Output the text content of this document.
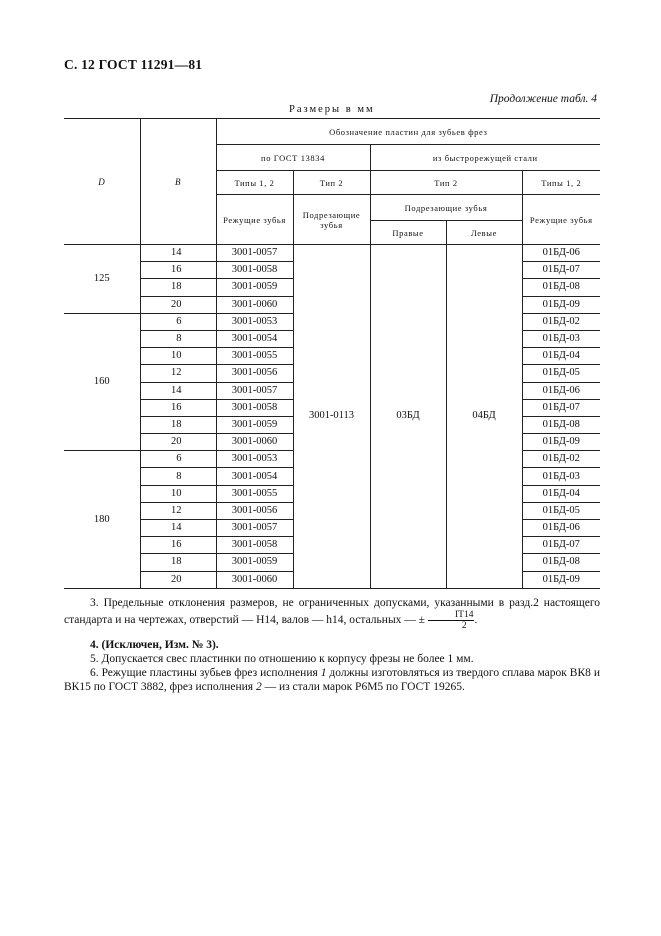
С. 12 ГОСТ 11291—81
Продолжение табл. 4
Размеры в мм
D	B	Обозначение пластин для зубьев фрез				
		по ГОСТ 13834		из быстрорежущей стали		
		Типы 1, 2	Тип 2	Тип 2		Типы 1, 2
		Режущие зубья	Подрезающие зубья	Подрезающие зубья		Режущие зубья
				Правые	Левые	
125	14	3001-0057	3001-0113	03БД	04БД	01БД-06
	16	3001-0058				01БД-07
	18	3001-0059				01БД-08
	20	3001-0060				01БД-09
160	6	3001-0053				01БД-02
	8	3001-0054				01БД-03
	10	3001-0055				01БД-04
	12	3001-0056				01БД-05
	14	3001-0057				01БД-06
	16	3001-0058				01БД-07
	18	3001-0059				01БД-08
	20	3001-0060				01БД-09
180	6	3001-0053				01БД-02
	8	3001-0054				01БД-03
	10	3001-0055				01БД-04
	12	3001-0056				01БД-05
	14	3001-0057				01БД-06
	16	3001-0058				01БД-07
	18	3001-0059				01БД-08
	20	3001-0060				01БД-09

3. Предельные отклонения размеров, не ограниченных допусками, указанными в разд.2 настоящего стандарта и на чертежах, отверстий — Н14, валов — h14, остальных — ± $\frac{IT14}{2}$ .

4. (Исключен, Изм. № 3).

5. Допускается свес пластинки по отношению к корпусу фрезы не более 1 мм.

6. Режущие пластины зубьев фрез исполнения 1 должны изготовляться из твердого сплава марок ВК8 и ВК15 по ГОСТ 3882, фрез исполнения 2 — из стали марок Р6М5 по ГОСТ 19265.
